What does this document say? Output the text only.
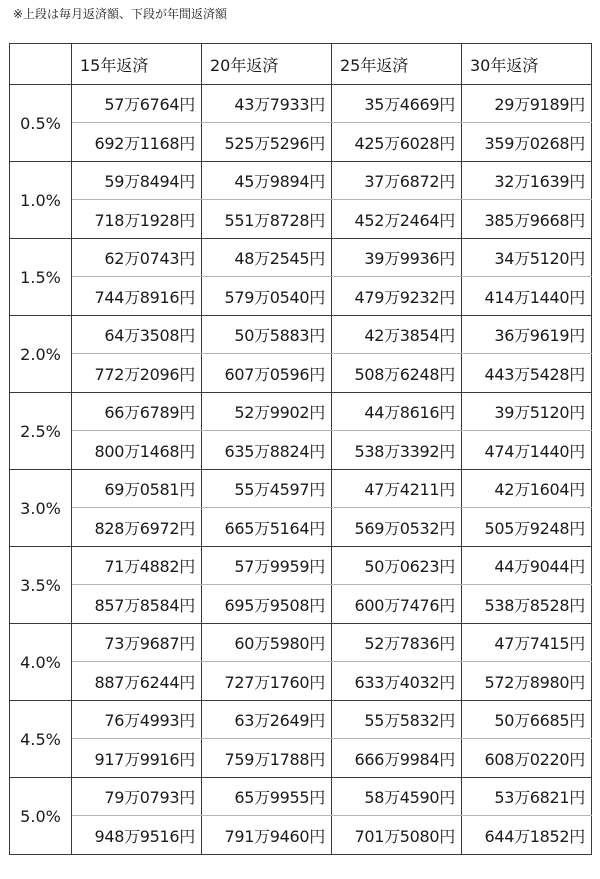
※上段は毎月返済額、下段が年間返済額
	15年返済	20年返済	25年返済	30年返済
0.5%	57万6764円	43万7933円	35万4669円	29万9189円
	692万1168円	525万5296円	425万6028円	359万0268円
1.0%	59万8494円	45万9894円	37万6872円	32万1639円
	718万1928円	551万8728円	452万2464円	385万9668円
1.5%	62万0743円	48万2545円	39万9936円	34万5120円
	744万8916円	579万0540円	479万9232円	414万1440円
2.0%	64万3508円	50万5883円	42万3854円	36万9619円
	772万2096円	607万0596円	508万6248円	443万5428円
2.5%	66万6789円	52万9902円	44万8616円	39万5120円
	800万1468円	635万8824円	538万3392円	474万1440円
3.0%	69万0581円	55万4597円	47万4211円	42万1604円
	828万6972円	665万5164円	569万0532円	505万9248円
3.5%	71万4882円	57万9959円	50万0623円	44万9044円
	857万8584円	695万9508円	600万7476円	538万8528円
4.0%	73万9687円	60万5980円	52万7836円	47万7415円
	887万6244円	727万1760円	633万4032円	572万8980円
4.5%	76万4993円	63万2649円	55万5832円	50万6685円
	917万9916円	759万1788円	666万9984円	608万0220円
5.0%	79万0793円	65万9955円	58万4590円	53万6821円
	948万9516円	791万9460円	701万5080円	644万1852円
